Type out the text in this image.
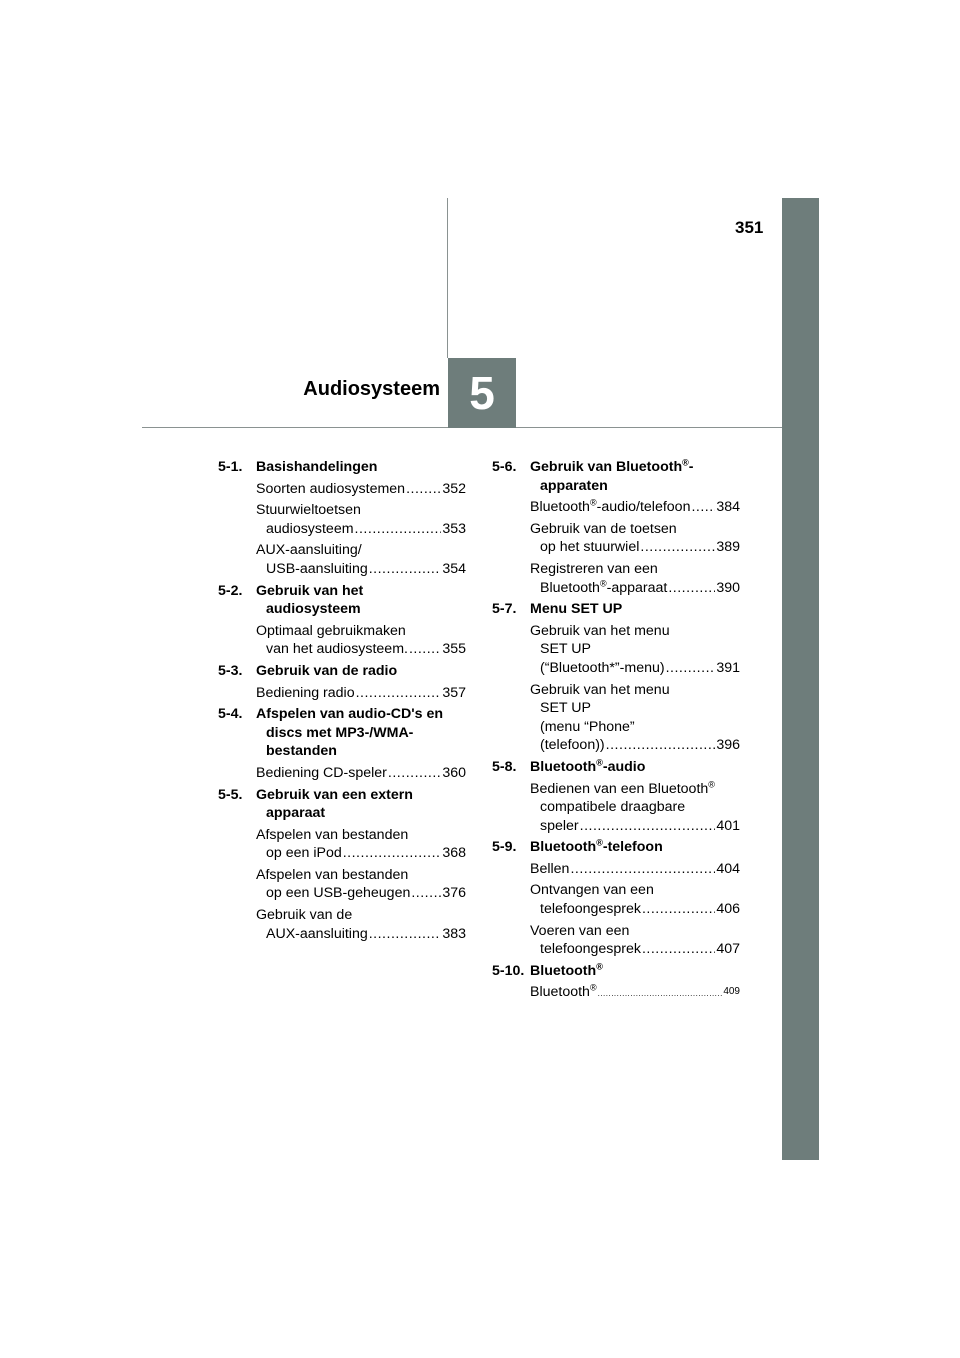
351
5
Audiosysteem
5-1. Basishandelingen
Soorten audiosystemen .....	352
Stuurwieltoetsen
audiosysteem .....	353
AUX-aansluiting/
USB-aansluiting .....	354
5-2. Gebruik van het
audiosysteem
Optimaal gebruikmaken
van het audiosysteem. ..... 355
5-3. Gebruik van de radio
Bediening radio .....	357
5-4. Afspelen van audio-CD's en
discs met MP3-/WMA-
bestanden
Bediening CD-speler .....	360
5-5. Gebruik van een extern
apparaat
Afspelen van bestanden
op een iPod .....	368
Afspelen van bestanden
op een USB-geheugen ..... 376
Gebruik van de
AUX-aansluiting .....	383
5-6. Gebruik van Bluetooth®-
apparaten
Bluetooth®-audio/telefoon ..... 384
Gebruik van de toetsen
op het stuurwiel .....	389
Registreren van een
Bluetooth®-apparaat .....	390
5-7. Menu SET UP
Gebruik van het menu
SET UP
(“Bluetooth*”-menu) .....	391
Gebruik van het menu
SET UP
(menu “Phone”
(telefoon)) .....	396
5-8. Bluetooth®-audio
Bedienen van een Bluetooth®
compatibele draagbare
speler .....	401
5-9. Bluetooth®-telefoon
Bellen .....	404
Ontvangen van een
telefoongesprek .....	406
Voeren van een
telefoongesprek .....	407
5-10. Bluetooth®
Bluetooth® .....	409
